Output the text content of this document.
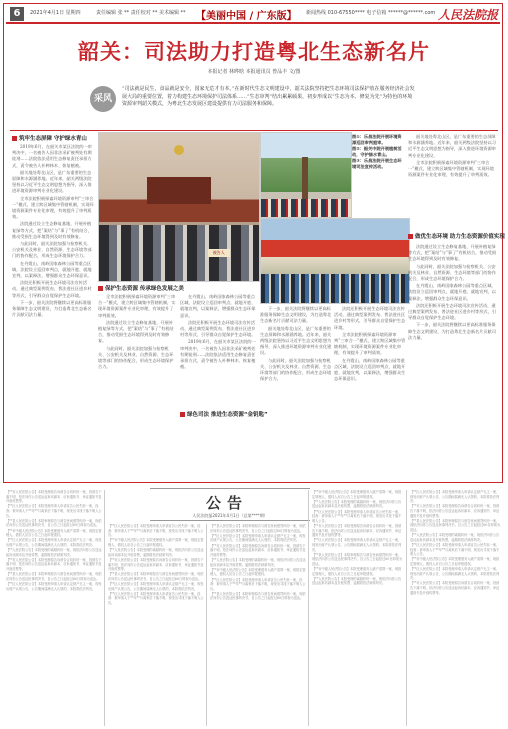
6	2021年4月1日 星期四	责任编辑 张 ** 责任校对 ** 美术编辑 ** 【美丽中国 / 广东版】 新闻热线 010-67550**** 电子信箱 ******@******.com 人民法院报
韶关：司法助力打造粤北生态新名片
本报记者 林晔晗 本报通讯员 曾品丰 文/图
采风
“司法就是民生，食品就是安全，国家无危才有本。”在新时代生态文明建设中，韶关法院坚持把生态环境司法保护放在服务经济社会发展大局的重要位置，着力构建生态环境保护司法体系……“生态审判”结出累累硕果，初步形成以“生态为本、修复为先”为特色的环境资源审判韶关模式，为粤北生态发展区建设提供有力司法服务和保障。
筑牢生态屏障 守护绿水青山

2019年6月，在韶关市某区法院的一审判决中，一名被告人因非法采矿被判处有期徒刑……法院依法适用生态修复责任承担方式，责令被告人补种林木、恢复植被。

韶关地处粤北山区，是广东重要的生态屏障和水源涵养地。近年来，韶关两级法院坚持以习近平生态文明思想为指导，深入推进环境资源审判专业化建设。

全市法院积极探索环境资源审判“三审合一”模式，建立跨区域集中管辖机制，实现环境资源案件专业化审理，有效提升了审判质效。

法院通过设立生态修复基地、开展补植复绿等方式，把“案结”与“事了”有机结合，推动受损生态环境得到及时有效修复。

与此同时，韶关法院加强与检察机关、公安机关及林业、自然资源、生态环境等部门的协作配合，形成生态环境保护合力。

在丹霞山、南岭国家森林公园等重点区域，法院设立巡回审判点，就地开庭、就地宣判，以案释法，增强群众生态环保意识。

法院还积极开展生态环境司法宣传活动，通过典型案例发布、普法进社区进乡村等形式，引导群众自觉保护生态环境。

下一步，韶关法院将继续以更高标准服务保障生态文明建设，为打造粤北生态新名片贡献司法力量。

被告人
图①：乐昌法院开展环境资源巡回审判庭审。
图②：韶关中院开展植树活动，守护绿水青山。
图③：乐昌法院开展生态环境司法宣传活动。

韶关地处粤北山区，是广东重要的生态屏障和水源涵养地。近年来，韶关两级法院坚持以习近平生态文明思想为指导，深入推进环境资源审判专业化建设。

全市法院积极探索环境资源审判“三审合一”模式，建立跨区域集中管辖机制，实现环境资源案件专业化审理，有效提升了审判质效。

做优生态环境 助力生态资源价值实现

法院通过设立生态修复基地、开展补植复绿等方式，把“案结”与“事了”有机结合，推动受损生态环境得到及时有效修复。

与此同时，韶关法院加强与检察机关、公安机关及林业、自然资源、生态环境等部门的协作配合，形成生态环境保护合力。

在丹霞山、南岭国家森林公园等重点区域，法院设立巡回审判点，就地开庭、就地宣判，以案释法，增强群众生态环保意识。

法院还积极开展生态环境司法宣传活动，通过典型案例发布、普法进社区进乡村等形式，引导群众自觉保护生态环境。

下一步，韶关法院将继续以更高标准服务保障生态文明建设，为打造粤北生态新名片贡献司法力量。

保护生态资源 传承绿色发展之美

全市法院积极探索环境资源审判“三审合一”模式，建立跨区域集中管辖机制，实现环境资源案件专业化审理，有效提升了审判质效。

法院通过设立生态修复基地、开展补植复绿等方式，把“案结”与“事了”有机结合，推动受损生态环境得到及时有效修复。

与此同时，韶关法院加强与检察机关、公安机关及林业、自然资源、生态环境等部门的协作配合，形成生态环境保护合力。

在丹霞山、南岭国家森林公园等重点区域，法院设立巡回审判点，就地开庭、就地宣判，以案释法，增强群众生态环保意识。

法院还积极开展生态环境司法宣传活动，通过典型案例发布、普法进社区进乡村等形式，引导群众自觉保护生态环境。

2019年6月，在韶关市某区法院的一审判决中，一名被告人因非法采矿被判处有期徒刑……法院依法适用生态修复责任承担方式，责令被告人补种林木、恢复植被。

绿色司法 推进生态资源“金钥匙”

下一步，韶关法院将继续以更高标准服务保障生态文明建设，为打造粤北生态新名片贡献司法力量。

韶关地处粤北山区，是广东重要的生态屏障和水源涵养地。近年来，韶关两级法院坚持以习近平生态文明思想为指导，深入推进环境资源审判专业化建设。

与此同时，韶关法院加强与检察机关、公安机关及林业、自然资源、生态环境等部门的协作配合，形成生态环境保护合力。

法院还积极开展生态环境司法宣传活动，通过典型案例发布、普法进社区进乡村等形式，引导群众自觉保护生态环境。

全市法院积极探索环境资源审判“三审合一”模式，建立跨区域集中管辖机制，实现环境资源案件专业化审理，有效提升了审判质效。

在丹霞山、南岭国家森林公园等重点区域，法院设立巡回审判点，就地开庭、就地宣判，以案释法，增强群众生态环保意识。

公告
人民法院报2021年4月1日（总第****期）

【**市人民法院公告】本院受理原告诉被告合同纠纷一案，因被告下落不明，依法向你公告送达起诉状副本、应诉通知书、举证通知书及开庭传票等。

【**区人民法院公告】本院受理申请人申请宣告公民失踪一案，经查：被申请人于**年**月离家后下落不明，现发出寻找下落不明人公告。

【**县人民法院公告】本院审理原告与被告民间借贷纠纷一案，现依法向你公告送达民事判决书，自公告之日起经过60日即视为送达。

【**市中级人民法院公告】本院受理债务人破产清算一案，现指定管理人，债权人应自公告之日起申报债权。

【**区人民法院公告】本院受理申请人申请认定财产无主一案，现发出财产认领公告，公告期间届满无人认领的，本院将依法判决。

【**人民法院公告】本院受理的离婚纠纷一案，现依法向你公告送达起诉状副本及开庭传票，逾期将依法缺席判决。

【**市人民法院公告】本院受理原告诉被告合同纠纷一案，因被告下落不明，依法向你公告送达起诉状副本、应诉通知书、举证通知书及开庭传票等。

【**县人民法院公告】本院审理原告与被告民间借贷纠纷一案，现依法向你公告送达民事判决书，自公告之日起经过60日即视为送达。

【**区人民法院公告】本院受理申请人申请认定财产无主一案，现发出财产认领公告，公告期间届满无人认领的，本院将依法判决。

【**区人民法院公告】本院受理申请人申请宣告公民失踪一案，经查：被申请人于**年**月离家后下落不明，现发出寻找下落不明人公告。

【**市中级人民法院公告】本院受理债务人破产清算一案，现指定管理人，债权人应自公告之日起申报债权。

【**人民法院公告】本院受理的离婚纠纷一案，现依法向你公告送达起诉状副本及开庭传票，逾期将依法缺席判决。

【**市人民法院公告】本院受理原告诉被告合同纠纷一案，因被告下落不明，依法向你公告送达起诉状副本、应诉通知书、举证通知书及开庭传票等。

【**县人民法院公告】本院审理原告与被告民间借贷纠纷一案，现依法向你公告送达民事判决书，自公告之日起经过60日即视为送达。

【**区人民法院公告】本院受理申请人申请认定财产无主一案，现发出财产认领公告，公告期间届满无人认领的，本院将依法判决。

【**区人民法院公告】本院受理申请人申请宣告公民失踪一案，经查：被申请人于**年**月离家后下落不明，现发出寻找下落不明人公告。

【**县人民法院公告】本院审理原告与被告民间借贷纠纷一案，现依法向你公告送达民事判决书，自公告之日起经过60日即视为送达。

【**区人民法院公告】本院受理申请人申请认定财产无主一案，现发出财产认领公告，公告期间届满无人认领的，本院将依法判决。

【**市人民法院公告】本院受理原告诉被告合同纠纷一案，因被告下落不明，依法向你公告送达起诉状副本、应诉通知书、举证通知书及开庭传票等。

【**人民法院公告】本院受理的离婚纠纷一案，现依法向你公告送达起诉状副本及开庭传票，逾期将依法缺席判决。

【**市中级人民法院公告】本院受理债务人破产清算一案，现指定管理人，债权人应自公告之日起申报债权。

【**区人民法院公告】本院受理申请人申请宣告公民失踪一案，经查：被申请人于**年**月离家后下落不明，现发出寻找下落不明人公告。

【**县人民法院公告】本院审理原告与被告民间借贷纠纷一案，现依法向你公告送达民事判决书，自公告之日起经过60日即视为送达。

【**市中级人民法院公告】本院受理债务人破产清算一案，现指定管理人，债权人应自公告之日起申报债权。

【**人民法院公告】本院受理的离婚纠纷一案，现依法向你公告送达起诉状副本及开庭传票，逾期将依法缺席判决。

【**区人民法院公告】本院受理申请人申请宣告公民失踪一案，经查：被申请人于**年**月离家后下落不明，现发出寻找下落不明人公告。

【**市人民法院公告】本院受理原告诉被告合同纠纷一案，因被告下落不明，依法向你公告送达起诉状副本、应诉通知书、举证通知书及开庭传票等。

【**区人民法院公告】本院受理申请人申请认定财产无主一案，现发出财产认领公告，公告期间届满无人认领的，本院将依法判决。

【**县人民法院公告】本院审理原告与被告民间借贷纠纷一案，现依法向你公告送达民事判决书，自公告之日起经过60日即视为送达。

【**市中级人民法院公告】本院受理债务人破产清算一案，现指定管理人，债权人应自公告之日起申报债权。

【**人民法院公告】本院受理的离婚纠纷一案，现依法向你公告送达起诉状副本及开庭传票，逾期将依法缺席判决。

【**区人民法院公告】本院受理申请人申请认定财产无主一案，现发出财产认领公告，公告期间届满无人认领的，本院将依法判决。

【**市人民法院公告】本院受理原告诉被告合同纠纷一案，因被告下落不明，依法向你公告送达起诉状副本、应诉通知书、举证通知书及开庭传票等。

【**县人民法院公告】本院审理原告与被告民间借贷纠纷一案，现依法向你公告送达民事判决书，自公告之日起经过60日即视为送达。

【**人民法院公告】本院受理的离婚纠纷一案，现依法向你公告送达起诉状副本及开庭传票，逾期将依法缺席判决。

【**区人民法院公告】本院受理申请人申请宣告公民失踪一案，经查：被申请人于**年**月离家后下落不明，现发出寻找下落不明人公告。

【**市中级人民法院公告】本院受理债务人破产清算一案，现指定管理人，债权人应自公告之日起申报债权。

【**区人民法院公告】本院受理申请人申请认定财产无主一案，现发出财产认领公告，公告期间届满无人认领的，本院将依法判决。

【**市人民法院公告】本院受理原告诉被告合同纠纷一案，因被告下落不明，依法向你公告送达起诉状副本、应诉通知书、举证通知书及开庭传票等。
